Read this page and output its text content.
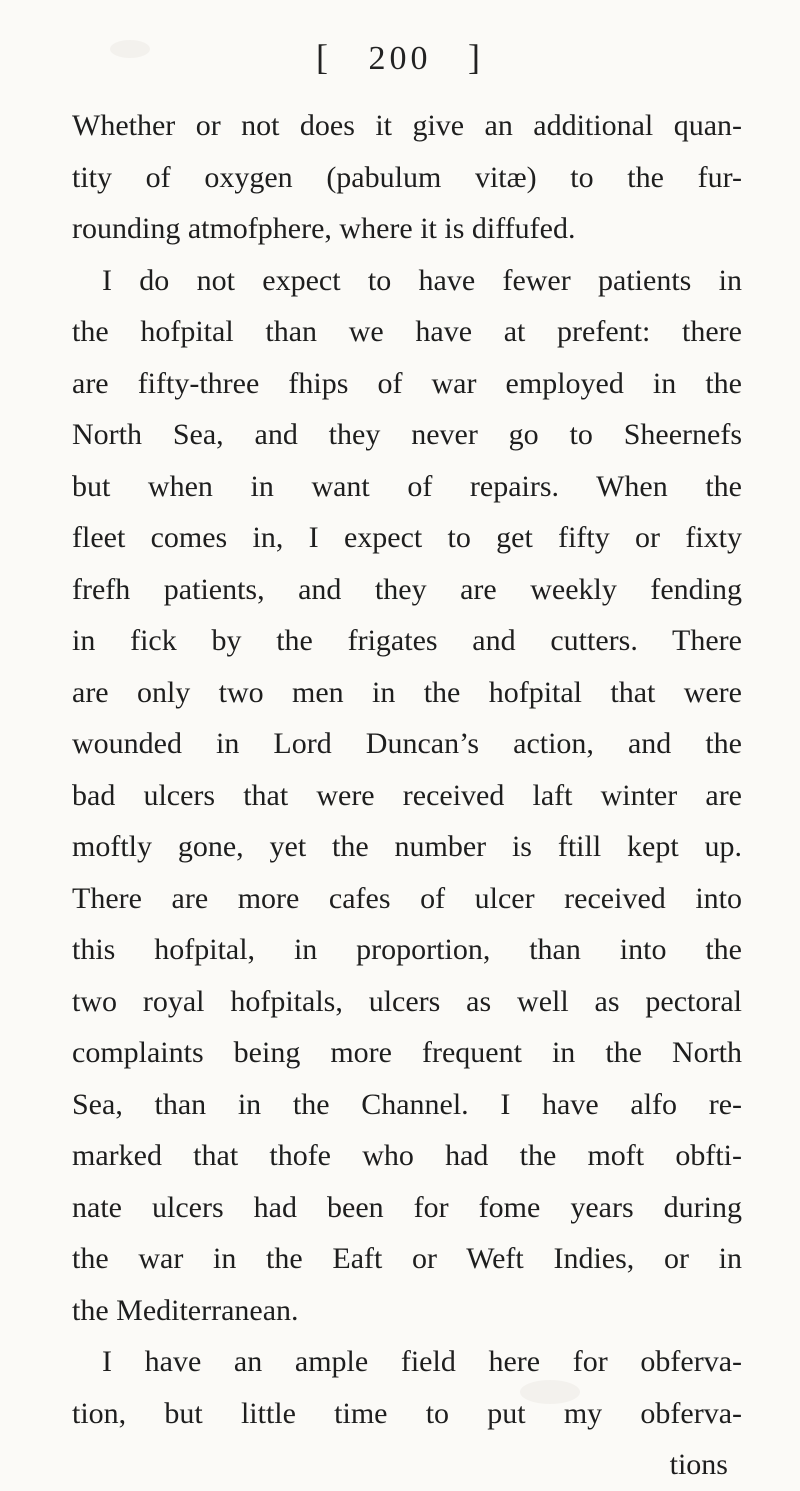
[ 200 ]
Whether or not does it give an additional quan-
tity of oxygen (pabulum vitæ) to the fur-
rounding atmofphere, where it is diffufed.
I do not expect to have fewer patients in
the hofpital than we have at prefent: there
are fifty-three fhips of war employed in the
North Sea, and they never go to Sheernefs
but when in want of repairs. When the
fleet comes in, I expect to get fifty or fixty
frefh patients, and they are weekly fending
in fick by the frigates and cutters. There
are only two men in the hofpital that were
wounded in Lord Duncan’s action, and the
bad ulcers that were received laft winter are
moftly gone, yet the number is ftill kept up.
There are more cafes of ulcer received into
this hofpital, in proportion, than into the
two royal hofpitals, ulcers as well as pectoral
complaints being more frequent in the North
Sea, than in the Channel. I have alfo re-
marked that thofe who had the moft obfti-
nate ulcers had been for fome years during
the war in the Eaft or Weft Indies, or in
the Mediterranean.
I have an ample field here for obferva-
tion, but little time to put my obferva-
tions
